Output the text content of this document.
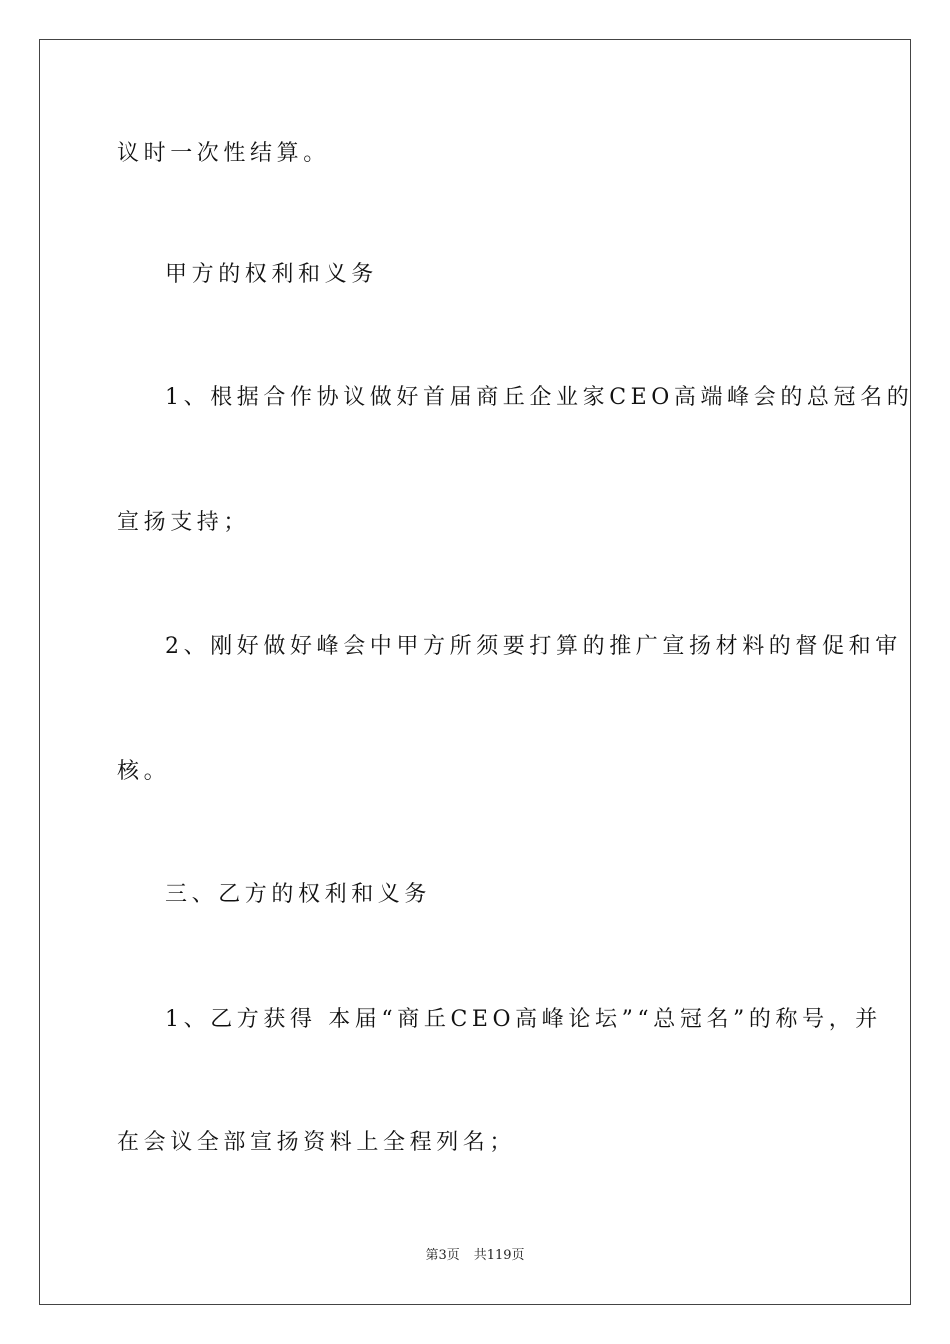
议时一次性结算。

甲方的权利和义务

1、根据合作协议做好首届商丘企业家CEO高端峰会的总冠名的

宣扬支持；

2、刚好做好峰会中甲方所须要打算的推广宣扬材料的督促和审

核。

三、乙方的权利和义务

1、乙方获得 本届“商丘CEO高峰论坛”“总冠名”的称号，并

在会议全部宣扬资料上全程列名；

第3页 共119页
